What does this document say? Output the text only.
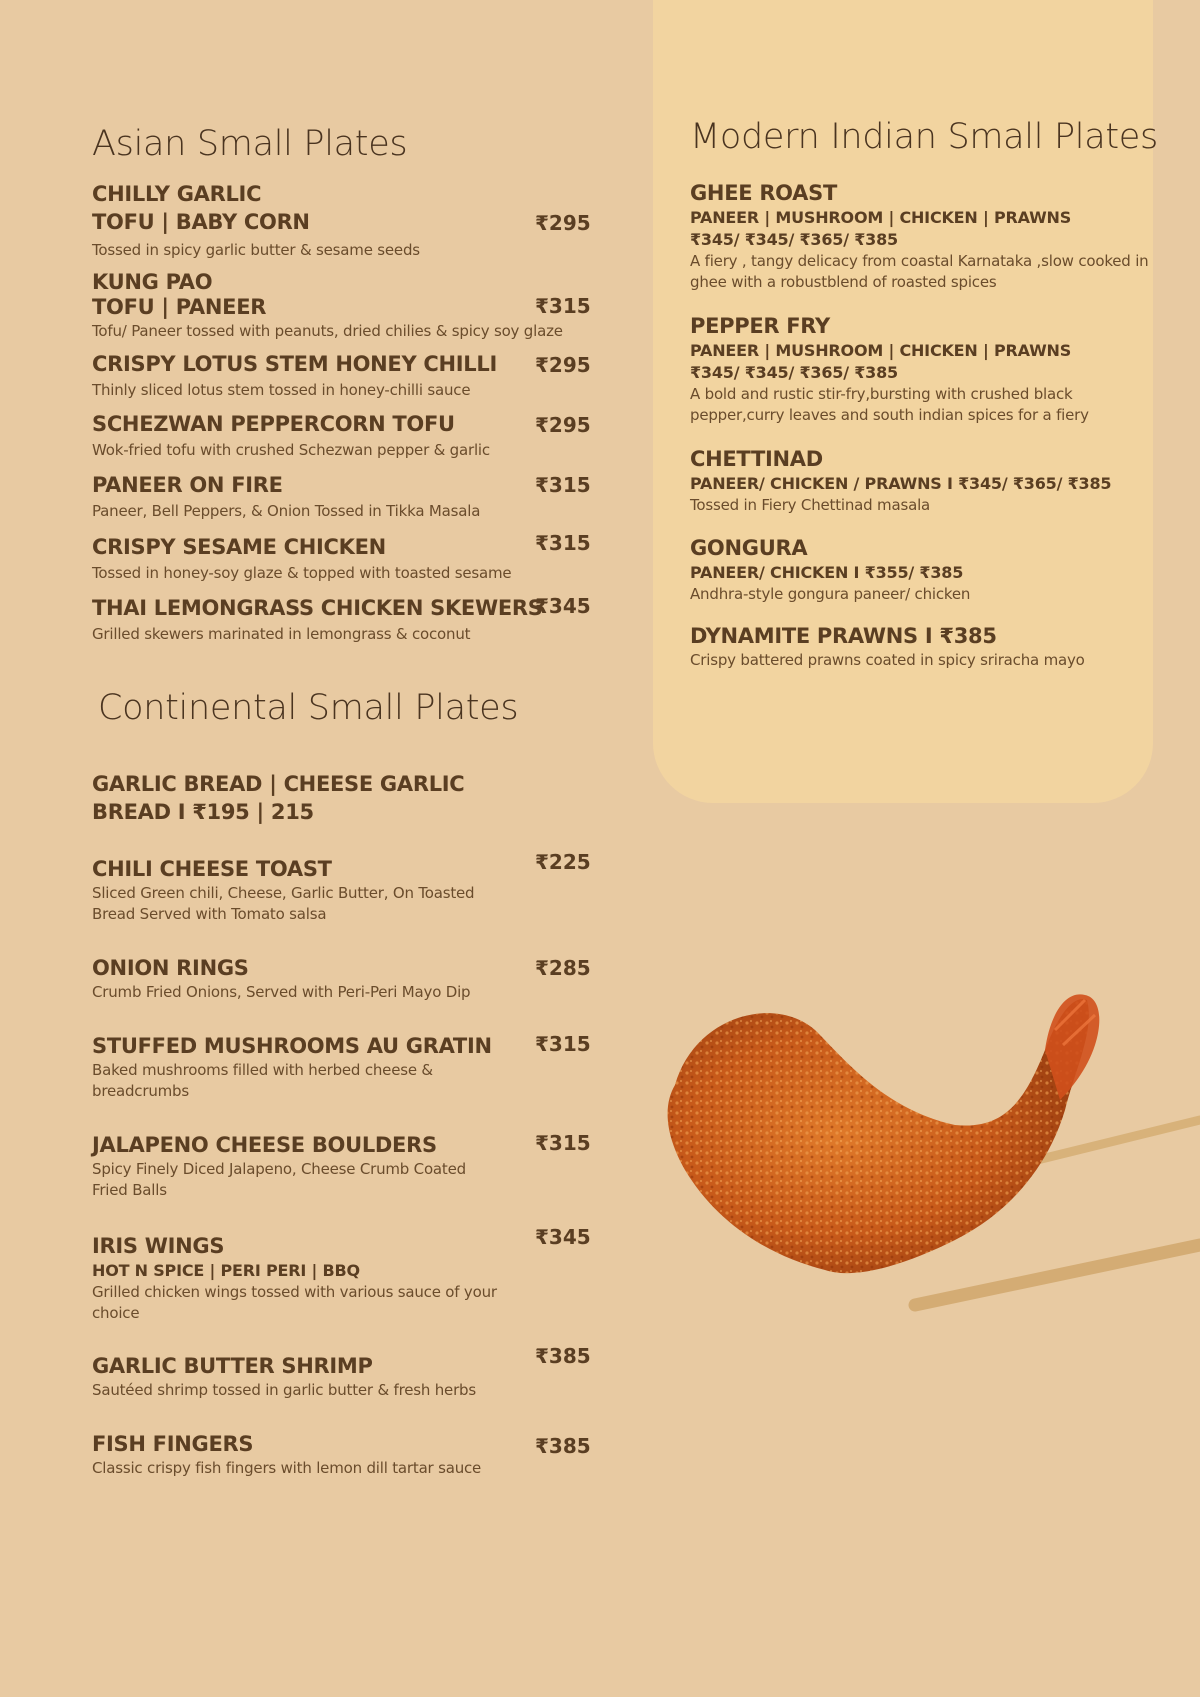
Asian Small Plates
CHILLY GARLIC
TOFU | BABY CORN
Tossed in spicy garlic butter & sesame seeds
₹295
KUNG PAO
TOFU | PANEER
Tofu/ Paneer tossed with peanuts, dried chilies & spicy soy glaze
₹315
CRISPY LOTUS STEM HONEY CHILLI
Thinly sliced lotus stem tossed in honey-chilli sauce
₹295
SCHEZWAN PEPPERCORN TOFU
Wok-fried tofu with crushed Schezwan pepper & garlic
₹295
PANEER ON FIRE
Paneer, Bell Peppers, & Onion Tossed in Tikka Masala
₹315
CRISPY SESAME CHICKEN
Tossed in honey-soy glaze & topped with toasted sesame
₹315
THAI LEMONGRASS CHICKEN SKEWERS
Grilled skewers marinated in lemongrass & coconut
₹345
Continental Small Plates
GARLIC BREAD | CHEESE GARLIC
BREAD I ₹195 | 215
CHILI CHEESE TOAST
Sliced Green chili, Cheese, Garlic Butter, On Toasted
Bread Served with Tomato salsa
₹225
ONION RINGS
Crumb Fried Onions, Served with Peri-Peri Mayo Dip
₹285
STUFFED MUSHROOMS AU GRATIN
Baked mushrooms filled with herbed cheese &
breadcrumbs
₹315
JALAPENO CHEESE BOULDERS
Spicy Finely Diced Jalapeno, Cheese Crumb Coated
Fried Balls
₹315
IRIS WINGS
HOT N SPICE | PERI PERI | BBQ
Grilled chicken wings tossed with various sauce of your
choice
₹345
GARLIC BUTTER SHRIMP
Sautéed shrimp tossed in garlic butter & fresh herbs
₹385
FISH FINGERS
Classic crispy fish fingers with lemon dill tartar sauce
₹385
Modern Indian Small Plates
GHEE ROAST
PANEER | MUSHROOM | CHICKEN | PRAWNS
₹345/ ₹345/ ₹365/ ₹385
A fiery , tangy delicacy from coastal Karnataka ,slow cooked in
ghee with a robustblend of roasted spices
PEPPER FRY
PANEER | MUSHROOM | CHICKEN | PRAWNS
₹345/ ₹345/ ₹365/ ₹385
A bold and rustic stir-fry,bursting with crushed black
pepper,curry leaves and south indian spices for a fiery
CHETTINAD
PANEER/ CHICKEN / PRAWNS I ₹345/ ₹365/ ₹385
Tossed in Fiery Chettinad masala
GONGURA
PANEER/ CHICKEN I ₹355/ ₹385
Andhra-style gongura paneer/ chicken
DYNAMITE PRAWNS I ₹385
Crispy battered prawns coated in spicy sriracha mayo
